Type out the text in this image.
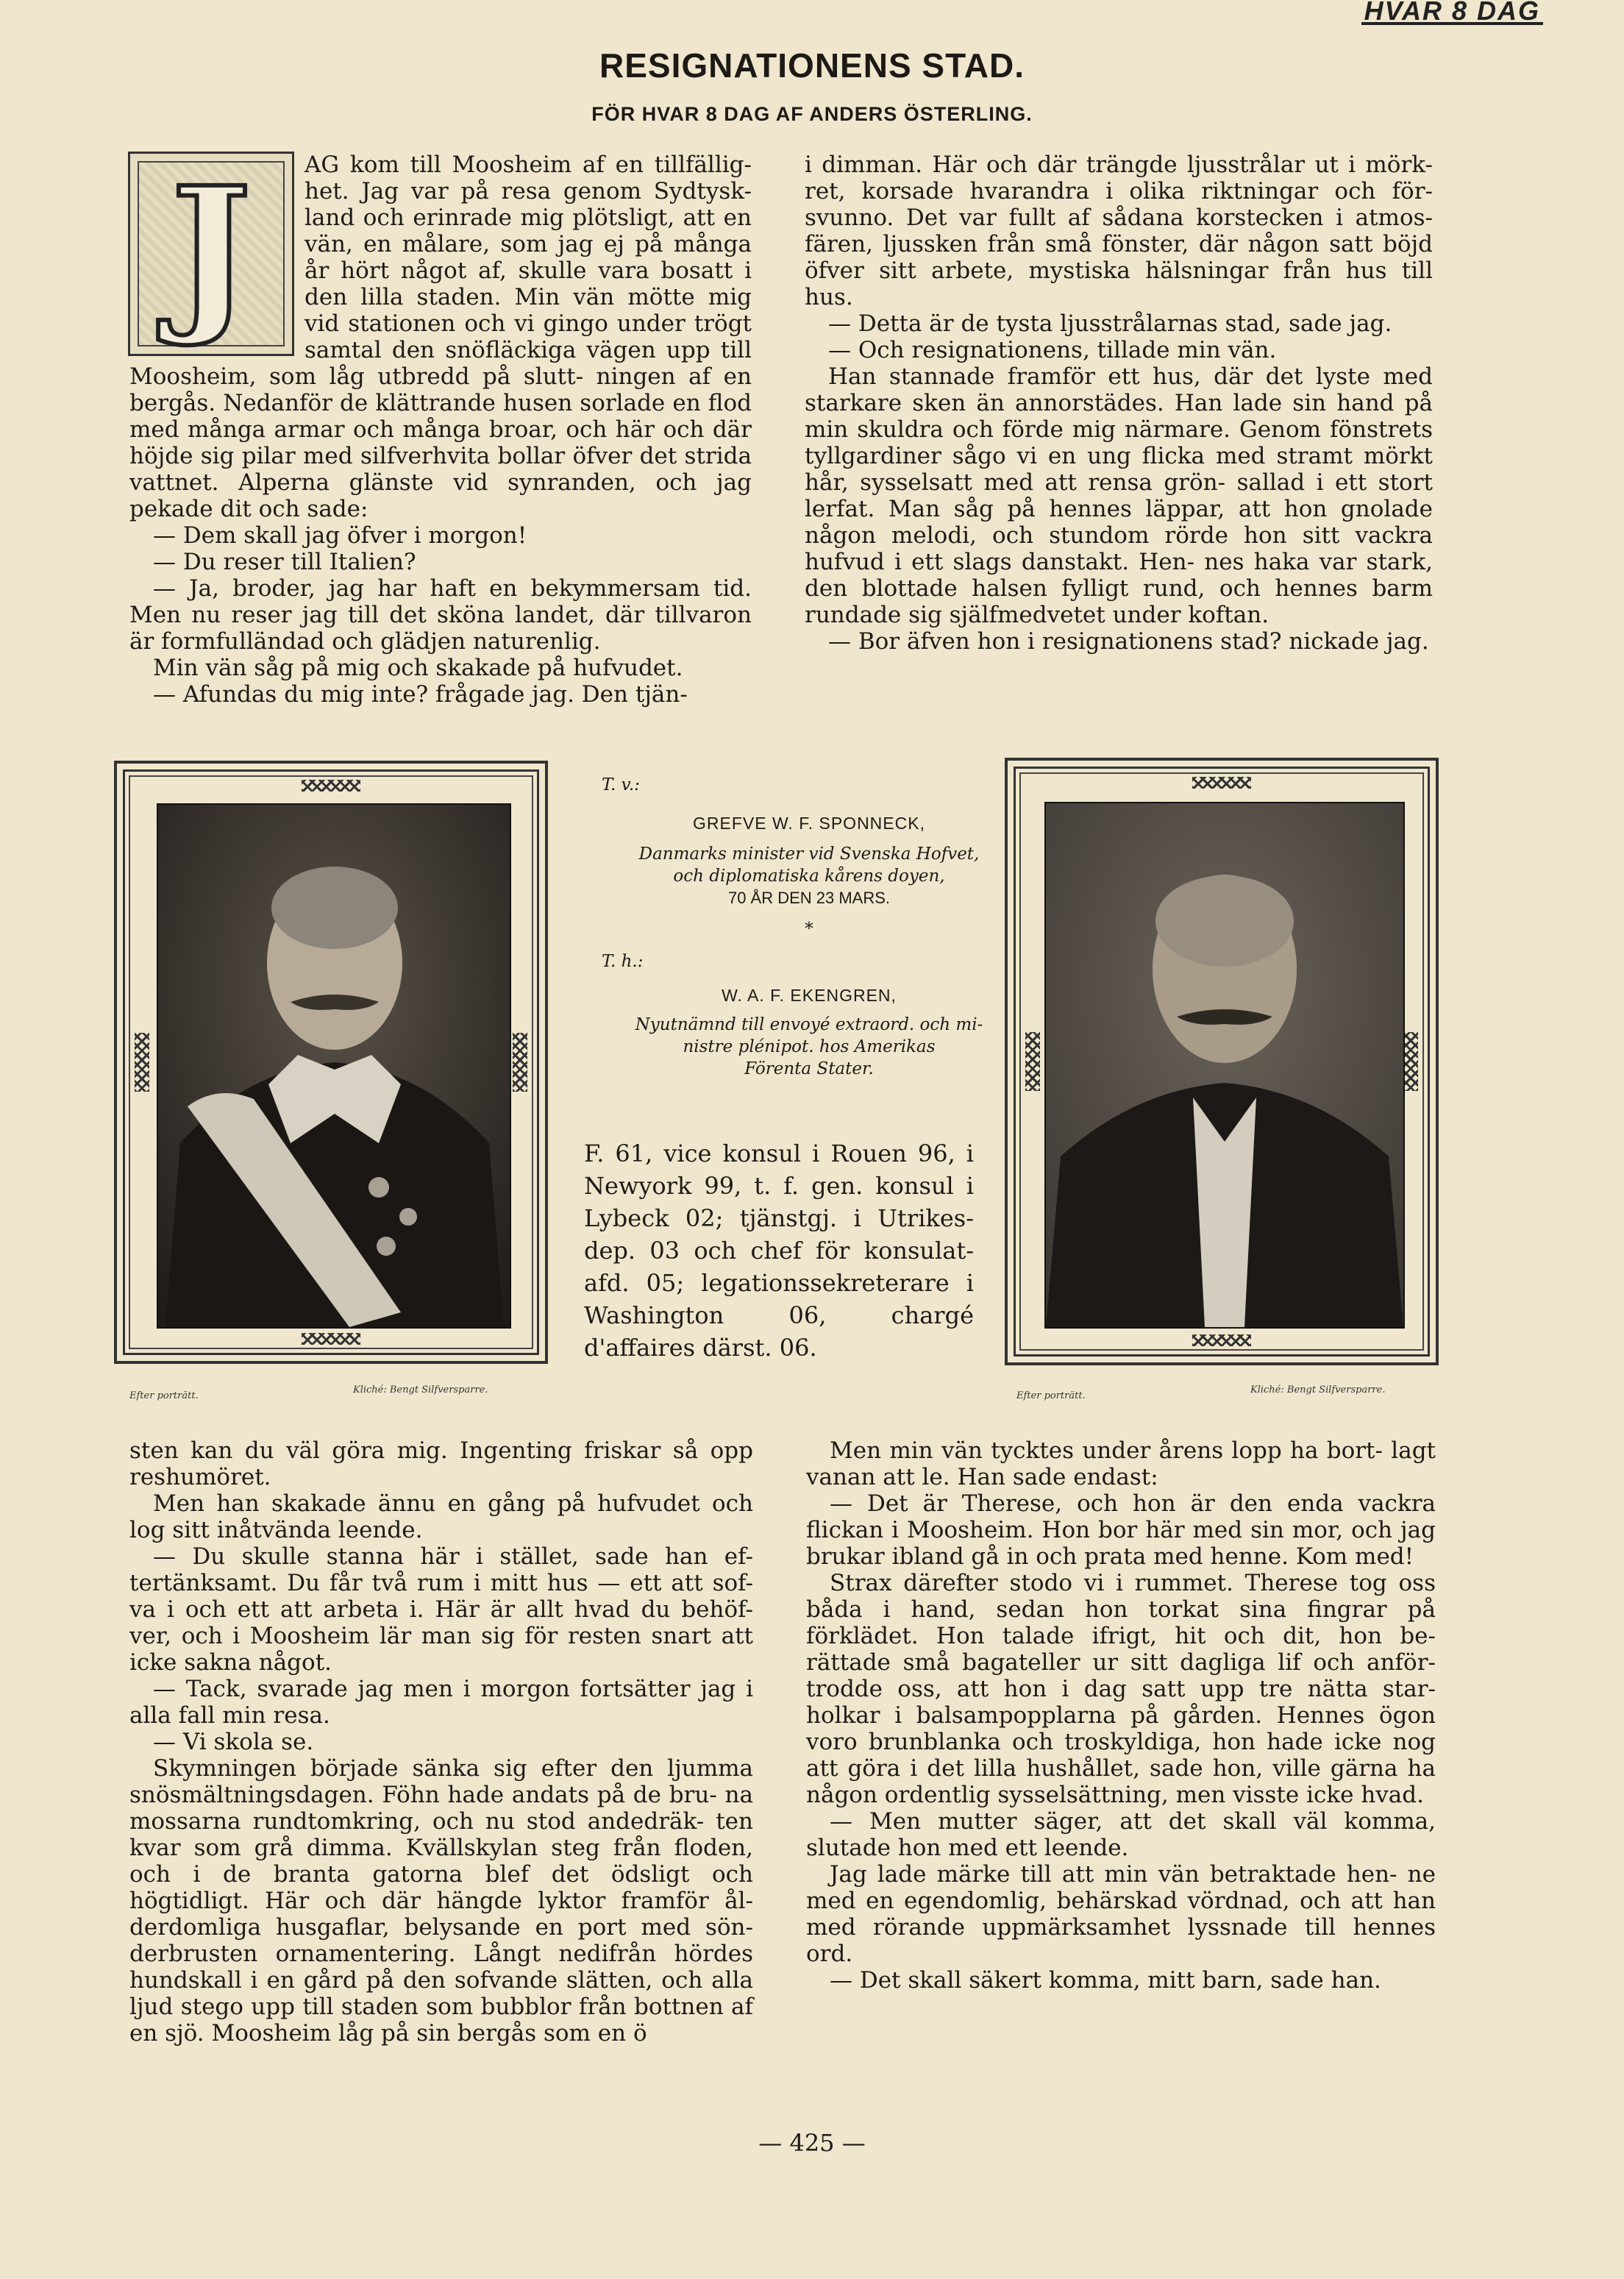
HVAR 8 DAG
RESIGNATIONENS STAD.
FÖR HVAR 8 DAG AF ANDERS ÖSTERLING.
J	AG kom till Moosheim af en tillfällig- het. Jag var på resa genom Sydtysk- land och erinrade mig plötsligt, att en vän, en målare, som jag ej på många år hört något af, skulle vara bosatt i den lilla staden. Min vän mötte mig vid stationen och vi gingo under trögt samtal den snöfläckiga vägen upp till Moosheim, som låg utbredd på slutt- ningen af en bergås. Nedanför de klättrande husen sorlade en flod med många armar och många broar, och här och där höjde sig pilar med silfverhvita bollar öfver det strida vattnet. Alperna glänste vid synranden, och jag pekade dit och sade:

— Dem skall jag öfver i morgon!

— Du reser till Italien?

— Ja, broder, jag har haft en bekymmersam tid. Men nu reser jag till det sköna landet, där tillvaron är formfulländad och glädjen naturenlig.

Min vän såg på mig och skakade på hufvudet.

— Afundas du mig inte? frågade jag. Den tjän-

i dimman. Här och där trängde ljusstrålar ut i mörk- ret, korsade hvarandra i olika riktningar och för- svunno. Det var fullt af sådana korstecken i atmos- fären, ljussken från små fönster, där någon satt böjd öfver sitt arbete, mystiska hälsningar från hus till hus.

— Detta är de tysta ljusstrålarnas stad, sade jag.

— Och resignationens, tillade min vän.

Han stannade framför ett hus, där det lyste med starkare sken än annorstädes. Han lade sin hand på min skuldra och förde mig närmare. Genom fönstrets tyllgardiner sågo vi en ung flicka med stramt mörkt hår, sysselsatt med att rensa grön- sallad i ett stort lerfat. Man såg på hennes läppar, att hon gnolade någon melodi, och stundom rörde hon sitt vackra hufvud i ett slags danstakt. Hen- nes haka var stark, den blottade halsen fylligt rund, och hennes barm rundade sig själfmedvetet under koftan.

— Bor äfven hon i resignationens stad? nickade jag.

Efter porträtt.
Kliché: Bengt Silfversparre.
T. v.:
GREFVE W. F. SPONNECK,
Danmarks minister vid Svenska Hofvet,
och diplomatiska kårens doyen,
70 ÅR DEN 23 MARS.
*
T. h.:
W. A. F. EKENGREN,
Nyutnämnd till envoyé extraord. och mi-
nistre plénipot. hos Amerikas
Förenta Stater.
F. 61, vice konsul i Rouen 96, i Newyork 99, t. f. gen. konsul i Lybeck 02; tjänstgj. i Utrikes- dep. 03 och chef för konsulat- afd. 05; legationssekreterare i Washington 06, chargé d'affaires därst. 06.
Efter porträtt.
Kliché: Bengt Silfversparre.

sten kan du väl göra mig. Ingenting friskar så opp reshumöret.

Men han skakade ännu en gång på hufvudet och log sitt inåtvända leende.

— Du skulle stanna här i stället, sade han ef- tertänksamt. Du får två rum i mitt hus — ett att sof- va i och ett att arbeta i. Här är allt hvad du behöf- ver, och i Moosheim lär man sig för resten snart att icke sakna något.

— Tack, svarade jag men i morgon fortsätter jag i alla fall min resa.

— Vi skola se.

Skymningen började sänka sig efter den ljumma snösmältningsdagen. Föhn hade andats på de bru- na mossarna rundtomkring, och nu stod andedräk- ten kvar som grå dimma. Kvällskylan steg från floden, och i de branta gatorna blef det ödsligt och högtidligt. Här och där hängde lyktor framför ål- derdomliga husgaflar, belysande en port med sön- derbrusten ornamentering. Långt nedifrån hördes hundskall i en gård på den sofvande slätten, och alla ljud stego upp till staden som bubblor från bottnen af en sjö. Moosheim låg på sin bergås som en ö

Men min vän tycktes under årens lopp ha bort- lagt vanan att le. Han sade endast:

— Det är Therese, och hon är den enda vackra flickan i Moosheim. Hon bor här med sin mor, och jag brukar ibland gå in och prata med henne. Kom med!

Strax därefter stodo vi i rummet. Therese tog oss båda i hand, sedan hon torkat sina fingrar på förklädet. Hon talade ifrigt, hit och dit, hon be- rättade små bagateller ur sitt dagliga lif och anför- trodde oss, att hon i dag satt upp tre nätta star- holkar i balsampopplarna på gården. Hennes ögon voro brunblanka och troskyldiga, hon hade icke nog att göra i det lilla hushållet, sade hon, ville gärna ha någon ordentlig sysselsättning, men visste icke hvad.

— Men mutter säger, att det skall väl komma, slutade hon med ett leende.

Jag lade märke till att min vän betraktade hen- ne med en egendomlig, behärskad vördnad, och att han med rörande uppmärksamhet lyssnade till hennes ord.

— Det skall säkert komma, mitt barn, sade han.

— 425 —
